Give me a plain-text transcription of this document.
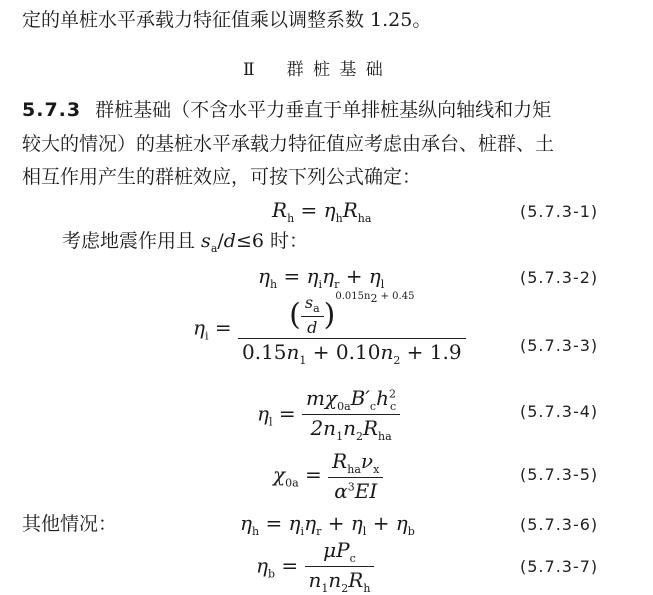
定的单桩水平承载力特征值乘以调整系数 1.25。
Ⅱ 群 桩 基 础
5.7.3 群桩基础（不含水平力垂直于单排桩基纵向轴线和力矩
较大的情况）的基桩水平承载力特征值应考虑由承台、桩群、土
相互作用产生的群桩效应，可按下列公式确定：
$R_h = \eta_hR_{ha}$	(5.7.3-1)
考虑地震作用且 $s_a/d\le 6$ 时：
$\eta_h = \eta_i\eta_r + \eta_l$	(5.7.3-2)
$\eta_i = \frac{( \frac{s_a}{d} )^{0.015n_2 + 0.45}}{0.15n_1 + 0.10n_2 + 1.9}$	(5.7.3-3)
$\eta_l = \frac{m\chi_{0a}B'_ch^2_c}{2n_1n_2R_{ha}}$	(5.7.3-4)
$\chi_{0a} = \frac{R_{ha}\nu_x}{\alpha^3EI}$	(5.7.3-5)
其他情况：	$\eta_h = \eta_i\eta_r + \eta_l + \eta_b$	(5.7.3-6)
$\eta_b = \frac{\mu P_c}{n_1n_2R_h}$	(5.7.3-7)
